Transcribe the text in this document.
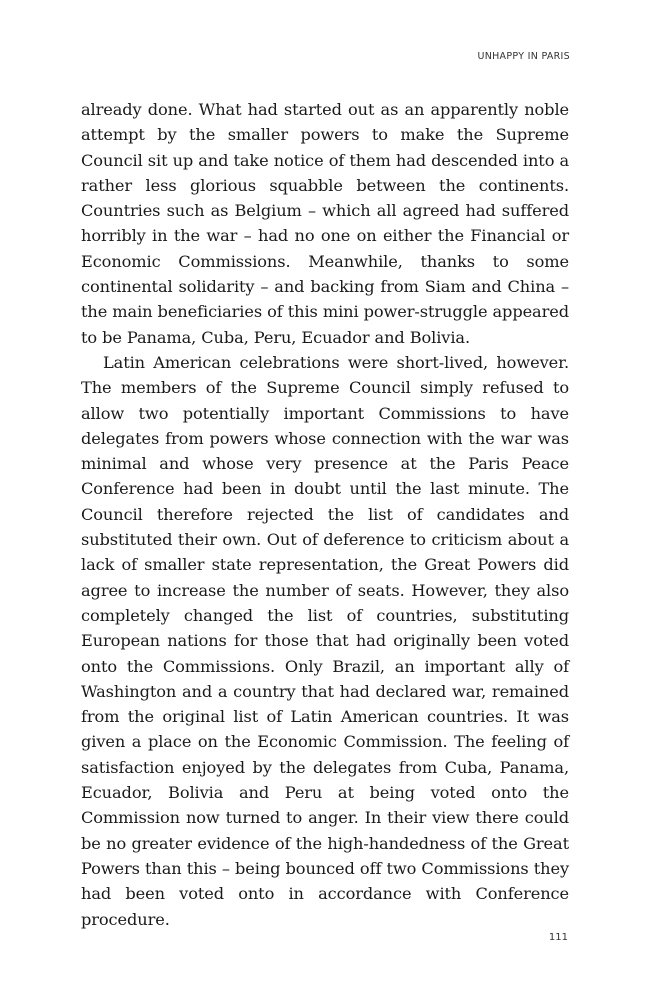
UNHAPPY IN PARIS

already done. What had started out as an apparently noble attempt by the smaller powers to make the Supreme Council sit up and take notice of them had descended into a rather less glorious squabble between the continents. Countries such as Belgium – which all agreed had suffered horribly in the war – had no one on either the Financial or Economic Commissions. Meanwhile, thanks to some continental solidarity – and backing from Siam and China – the main beneficiaries of this mini power-struggle appeared to be Panama, Cuba, Peru, Ecuador and Bolivia.

Latin American celebrations were short-lived, however. The members of the Supreme Council simply refused to allow two potentially important Commissions to have delegates from powers whose connection with the war was minimal and whose very presence at the Paris Peace Conference had been in doubt until the last minute. The Council therefore rejected the list of candidates and substituted their own. Out of deference to criticism about a lack of smaller state representation, the Great Powers did agree to increase the number of seats. However, they also completely changed the list of countries, substituting European nations for those that had originally been voted onto the Commissions. Only Brazil, an important ally of Washington and a country that had declared war, remained from the original list of Latin American countries. It was given a place on the Economic Commission. The feeling of satisfaction enjoyed by the delegates from Cuba, Panama, Ecuador, Bolivia and Peru at being voted onto the Commission now turned to anger. In their view there could be no greater evidence of the high-handedness of the Great Powers than this – being bounced off two Commissions they had been voted onto in accordance with Conference procedure.

111
